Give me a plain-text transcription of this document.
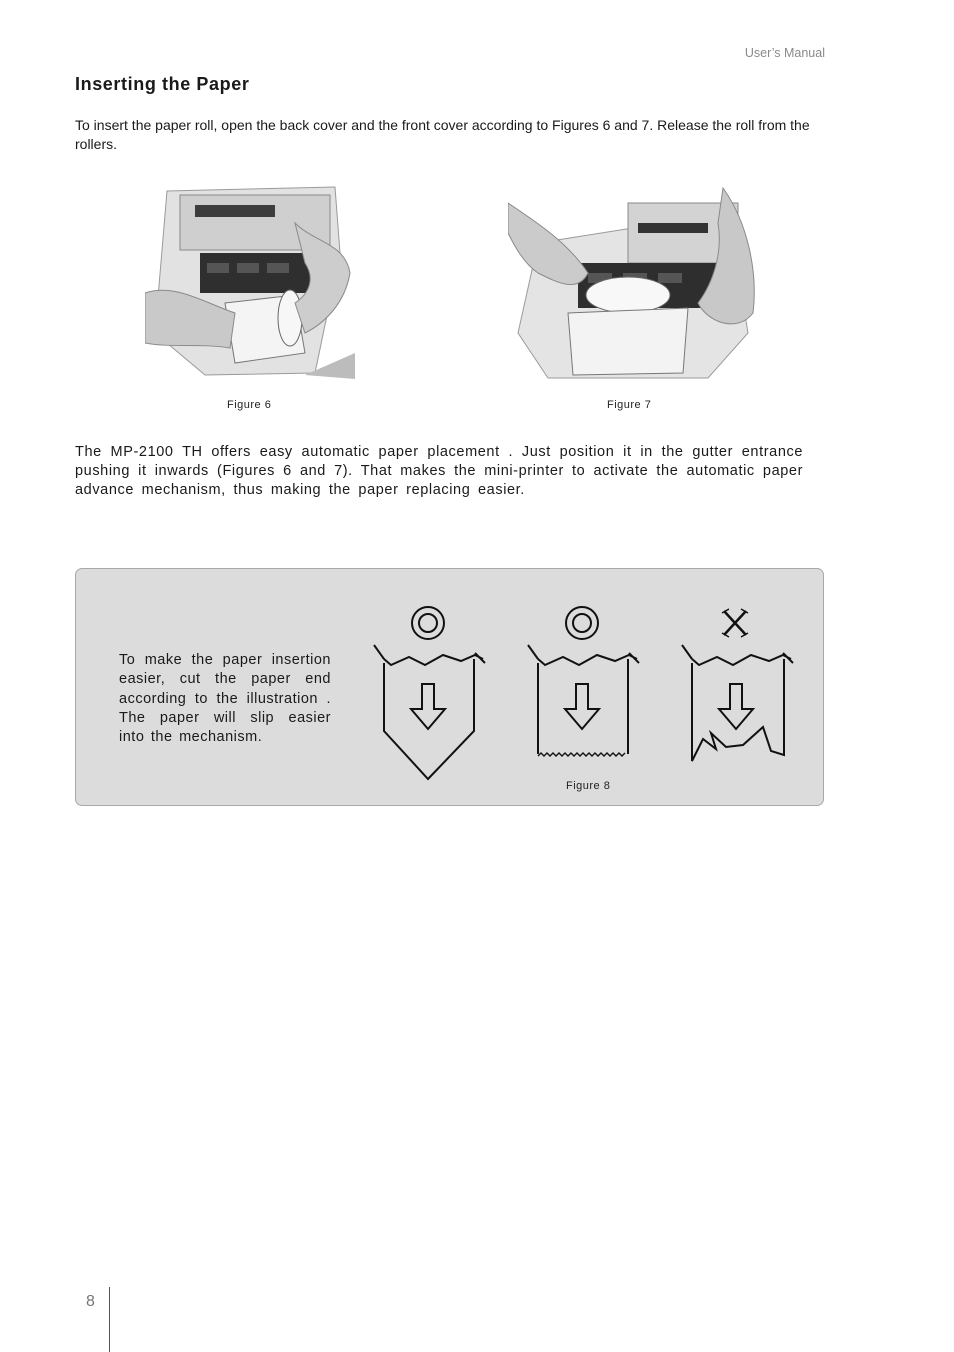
User’s Manual
Inserting the Paper

To insert the paper roll, open the back cover and the front cover according to Figures 6 and 7. Release the roll from the rollers.

Figure 6	Figure 7

The MP-2100 TH offers easy automatic paper placement . Just position it in the gutter entrance pushing it inwards (Figures 6 and 7). That makes the mini-printer to activate the automatic paper advance mechanism, thus making the paper replacing easier.

To make the paper insertion easier, cut the paper end according to the illustration . The paper will slip easier into the mechanism.

Figure 8
8
